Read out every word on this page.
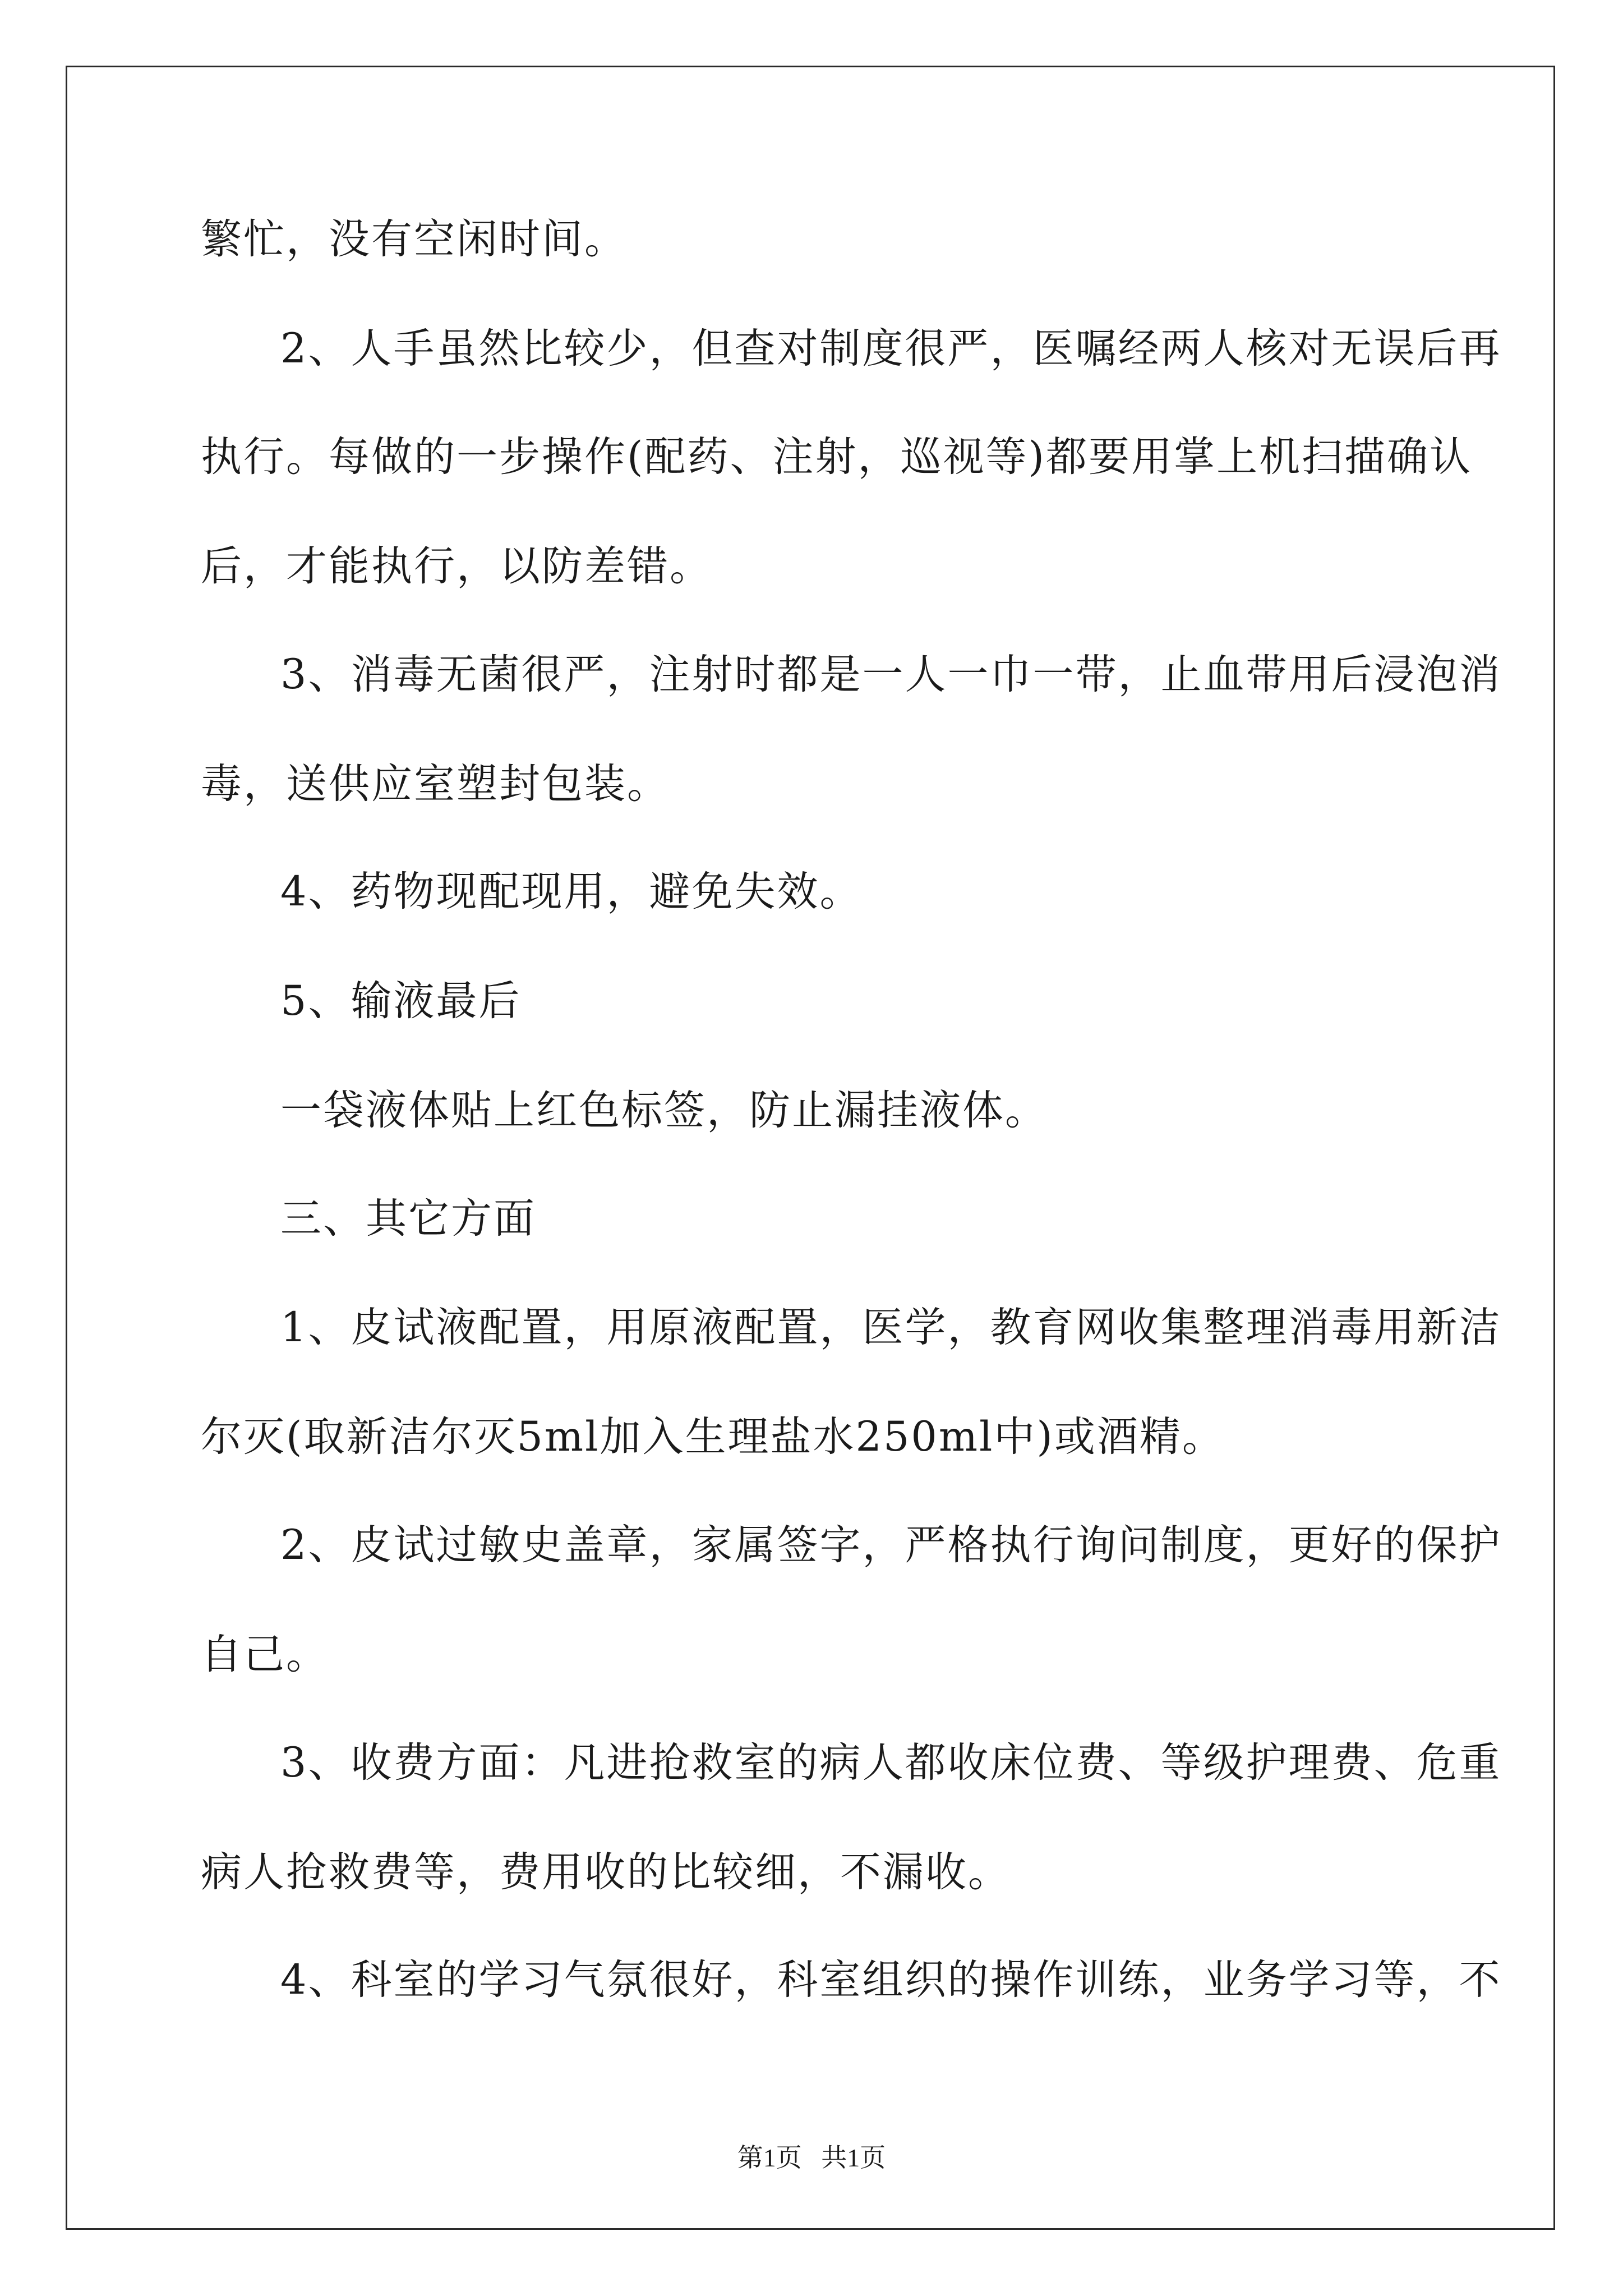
繁忙，没有空闲时间。

2、人手虽然比较少，但查对制度很严，医嘱经两人核对无误后再

执行。每做的一步操作(配药、注射，巡视等)都要用掌上机扫描确认

后，才能执行，以防差错。

3、消毒无菌很严，注射时都是一人一巾一带，止血带用后浸泡消

毒，送供应室塑封包装。

4、药物现配现用，避免失效。

5、输液最后

一袋液体贴上红色标签，防止漏挂液体。

三、其它方面

1、皮试液配置，用原液配置，医学，教育网收集整理消毒用新洁

尔灭(取新洁尔灭5ml加入生理盐水250ml中)或酒精。

2、皮试过敏史盖章，家属签字，严格执行询问制度，更好的保护

自己。

3、收费方面：凡进抢救室的病人都收床位费、等级护理费、危重

病人抢救费等，费用收的比较细，不漏收。

4、科室的学习气氛很好，科室组织的操作训练，业务学习等，不

第1页   共1页
